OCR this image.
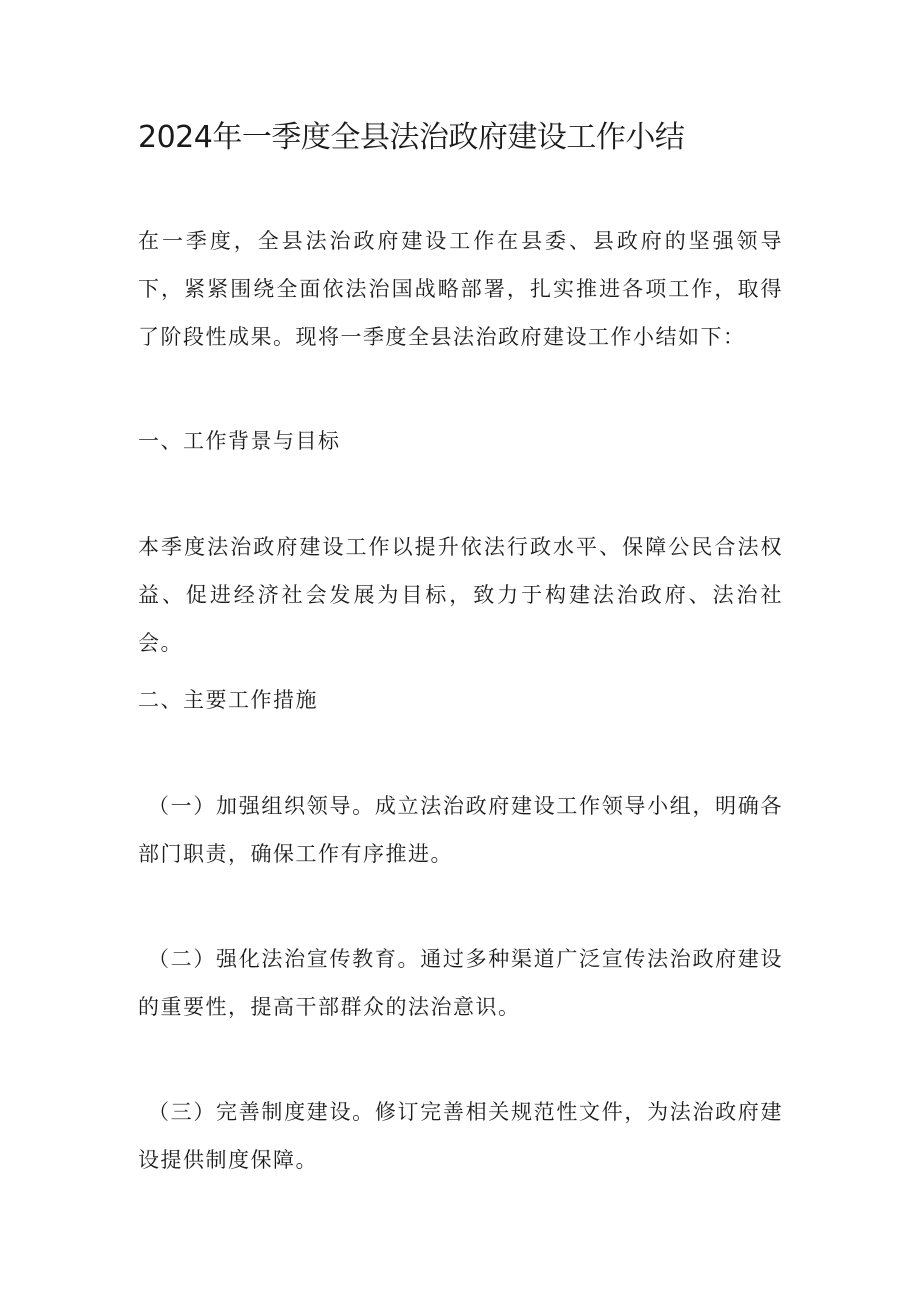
2024年一季度全县法治政府建设工作小结

在一季度，全县法治政府建设工作在县委、县政府的坚强领导下，紧紧围绕全面依法治国战略部署，扎实推进各项工作，取得了阶段性成果。现将一季度全县法治政府建设工作小结如下：

一、工作背景与目标

本季度法治政府建设工作以提升依法行政水平、保障公民合法权益、促进经济社会发展为目标，致力于构建法治政府、法治社会。

二、主要工作措施

（一）加强组织领导。成立法治政府建设工作领导小组，明确各部门职责，确保工作有序推进。

（二）强化法治宣传教育。通过多种渠道广泛宣传法治政府建设的重要性，提高干部群众的法治意识。

（三）完善制度建设。修订完善相关规范性文件，为法治政府建设提供制度保障。
